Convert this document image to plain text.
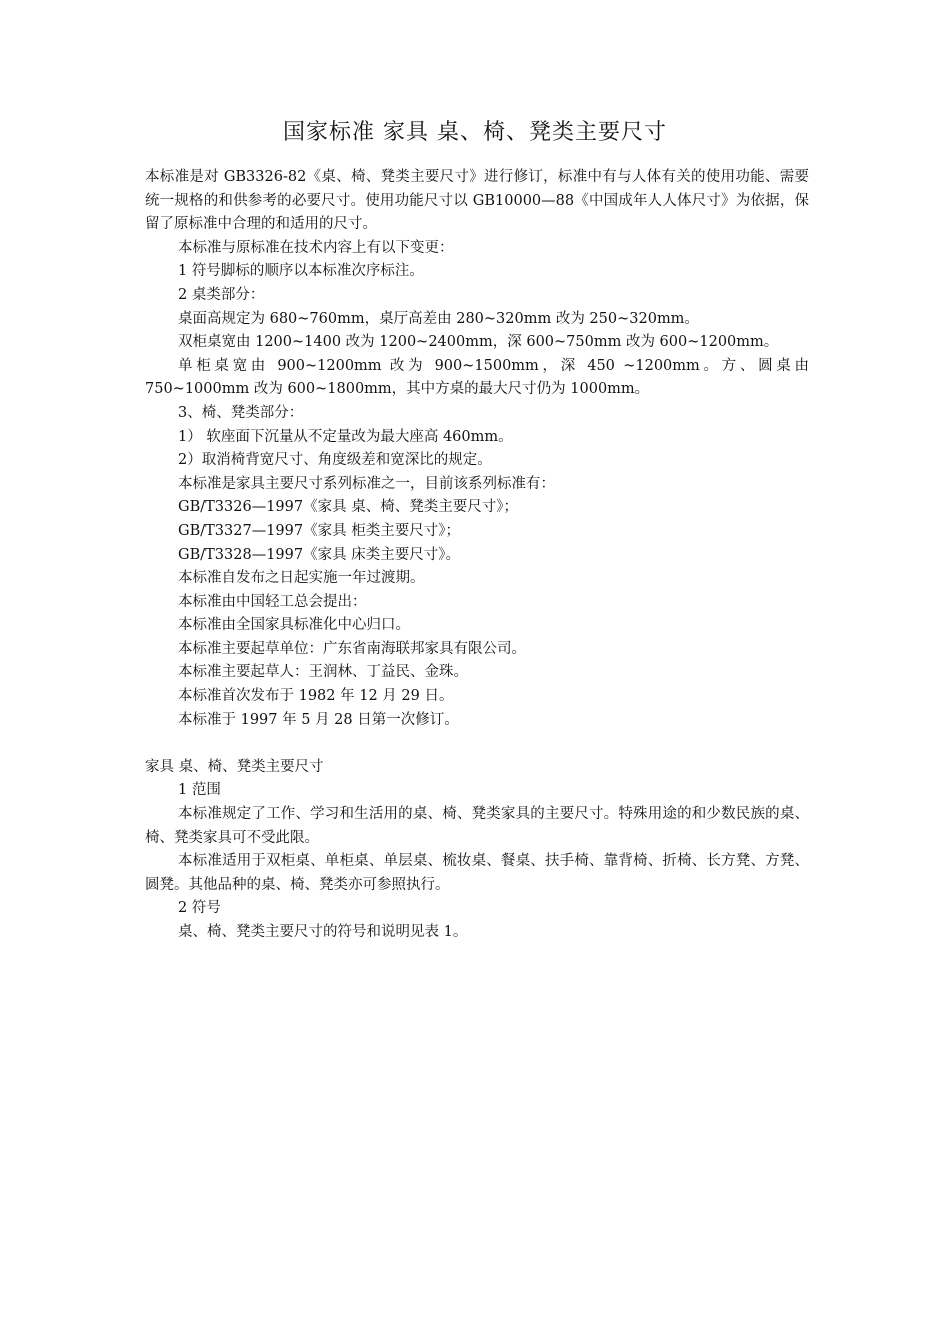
国家标准 家具 桌、椅、凳类主要尺寸

本标准是对 GB3326-82《桌、椅、凳类主要尺寸》进行修订，标准中有与人体有关的使用功能、需要统一规格的和供参考的必要尺寸。使用功能尺寸以 GB10000—88《中国成年人人体尺寸》为依据，保留了原标准中合理的和适用的尺寸。

本标准与原标准在技术内容上有以下变更：

1 符号脚标的顺序以本标准次序标注。

2 桌类部分：

桌面高规定为 680~760mm，桌厅高差由 280~320mm 改为 250~320mm。

双柜桌宽由 1200~1400 改为 1200~2400mm，深 600~750mm 改为 600~1200mm。

单柜桌宽由 900~1200mm 改为 900~1500mm，深 450 ~1200mm。方、圆桌由 750~1000mm 改为 600~1800mm，其中方桌的最大尺寸仍为 1000mm。

3、椅、凳类部分：

1） 软座面下沉量从不定量改为最大座高 460mm。

2）取消椅背宽尺寸、角度级差和宽深比的规定。

本标准是家具主要尺寸系列标准之一，目前该系列标准有：

GB/T3326—1997《家具 桌、椅、凳类主要尺寸》；

GB/T3327—1997《家具 柜类主要尺寸》；

GB/T3328—1997《家具 床类主要尺寸》。

本标准自发布之日起实施一年过渡期。

本标准由中国轻工总会提出：

本标准由全国家具标准化中心归口。

本标准主要起草单位：广东省南海联邦家具有限公司。

本标准主要起草人：王润林、丁益民、金珠。

本标准首次发布于 1982 年 12 月 29 日。

本标准于 1997 年 5 月 28 日第一次修订。

家具 桌、椅、凳类主要尺寸

1 范围

本标准规定了工作、学习和生活用的桌、椅、凳类家具的主要尺寸。特殊用途的和少数民族的桌、椅、凳类家具可不受此限。

本标准适用于双柜桌、单柜桌、单层桌、梳妆桌、餐桌、扶手椅、靠背椅、折椅、长方凳、方凳、圆凳。其他品种的桌、椅、凳类亦可参照执行。

2 符号

桌、椅、凳类主要尺寸的符号和说明见表 1。
